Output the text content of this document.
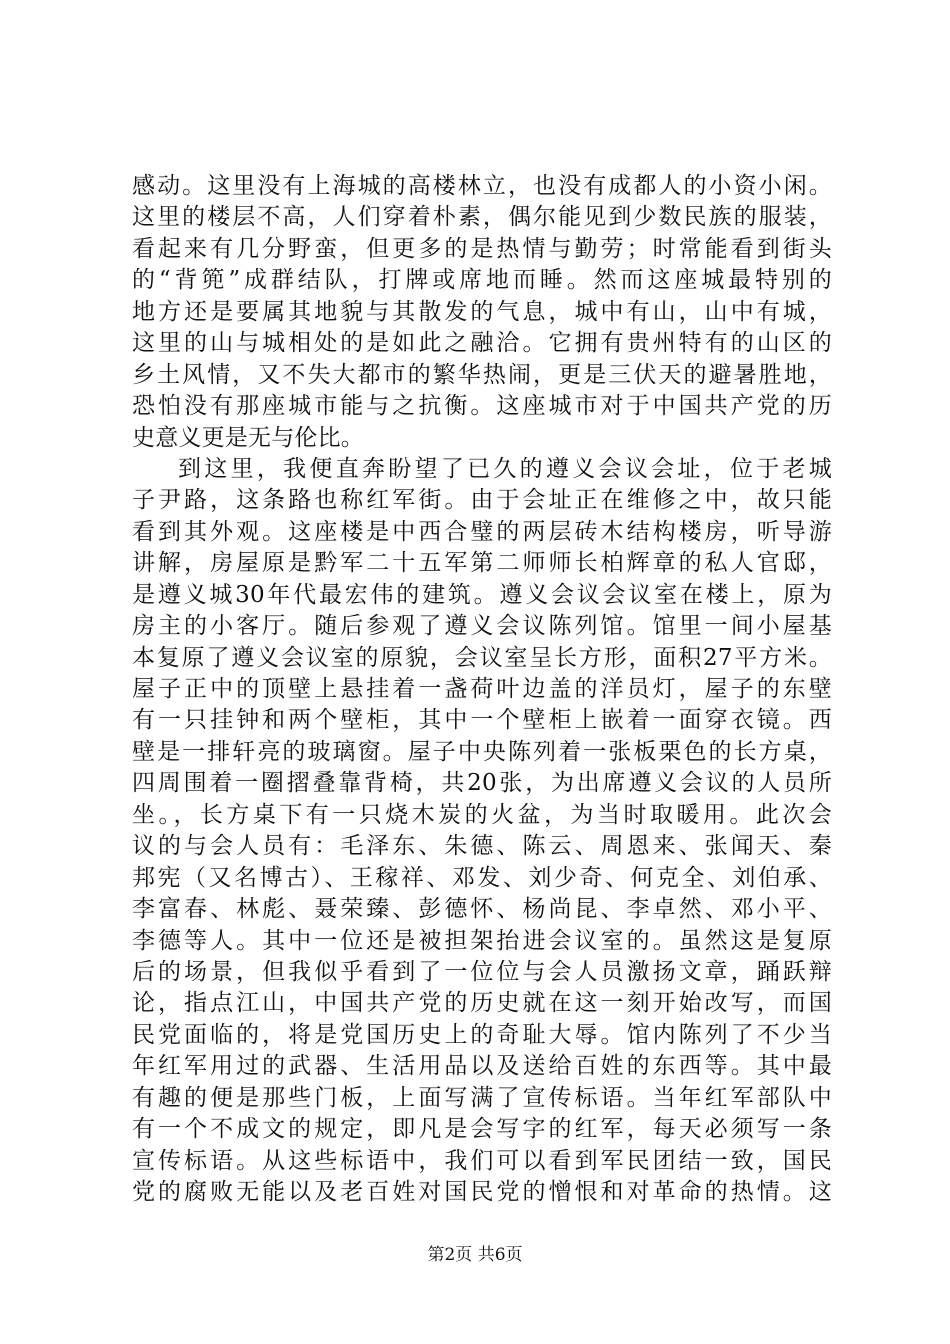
感动。这里没有上海城的高楼林立，也没有成都人的小资小闲。
这里的楼层不高，人们穿着朴素，偶尔能见到少数民族的服装，
看起来有几分野蛮，但更多的是热情与勤劳；时常能看到街头
的“背篼”成群结队，打牌或席地而睡。然而这座城最特别的
地方还是要属其地貌与其散发的气息，城中有山，山中有城，
这里的山与城相处的是如此之融洽。它拥有贵州特有的山区的
乡土风情，又不失大都市的繁华热闹，更是三伏天的避暑胜地，
恐怕没有那座城市能与之抗衡。这座城市对于中国共产党的历
史意义更是无与伦比。
到这里，我便直奔盼望了已久的遵义会议会址，位于老城
子尹路，这条路也称红军街。由于会址正在维修之中，故只能
看到其外观。这座楼是中西合璧的两层砖木结构楼房，听导游
讲解，房屋原是黔军二十五军第二师师长柏辉章的私人官邸，
是遵义城30年代最宏伟的建筑。遵义会议会议室在楼上，原为
房主的小客厅。随后参观了遵义会议陈列馆。馆里一间小屋基
本复原了遵义会议室的原貌，会议室呈长方形，面积27平方米。
屋子正中的顶壁上悬挂着一盏荷叶边盖的洋员灯，屋子的东壁
有一只挂钟和两个壁柜，其中一个壁柜上嵌着一面穿衣镜。西
壁是一排轩亮的玻璃窗。屋子中央陈列着一张板栗色的长方桌，
四周围着一圈摺叠靠背椅，共20张，为出席遵义会议的人员所
坐。，长方桌下有一只烧木炭的火盆，为当时取暖用。此次会
议的与会人员有：毛泽东、朱德、陈云、周恩来、张闻天、秦
邦宪（又名博古）、王稼祥、邓发、刘少奇、何克全、刘伯承、
李富春、林彪、聂荣臻、彭德怀、杨尚昆、李卓然、邓小平、
李德等人。其中一位还是被担架抬进会议室的。虽然这是复原
后的场景，但我似乎看到了一位位与会人员激扬文章，踊跃辩
论，指点江山，中国共产党的历史就在这一刻开始改写，而国
民党面临的，将是党国历史上的奇耻大辱。馆内陈列了不少当
年红军用过的武器、生活用品以及送给百姓的东西等。其中最
有趣的便是那些门板，上面写满了宣传标语。当年红军部队中
有一个不成文的规定，即凡是会写字的红军，每天必须写一条
宣传标语。从这些标语中，我们可以看到军民团结一致，国民
党的腐败无能以及老百姓对国民党的憎恨和对革命的热情。这
第2页 共6页
